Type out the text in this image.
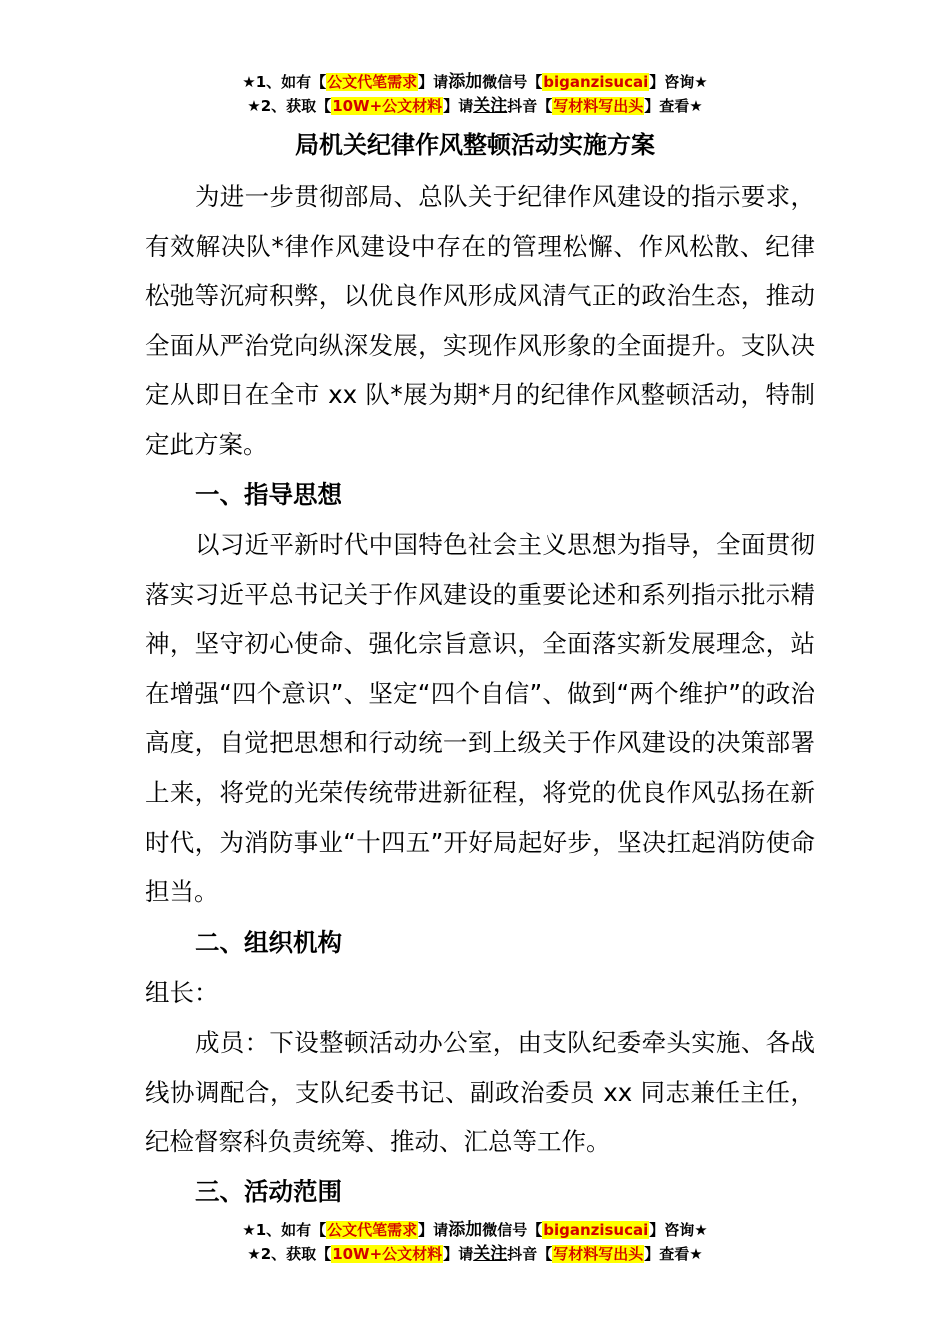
★1、如有【公文代笔需求】请添加微信号【biganzisucai】咨询★
★2、获取【10W+公文材料】请关注抖音【写材料写出头】查看★
局机关纪律作风整顿活动实施方案
为进一步贯彻部局、总队关于纪律作风建设的指示要求，有效解决队*律作风建设中存在的管理松懈、作风松散、纪律松弛等沉疴积弊，以优良作风形成风清气正的政治生态，推动全面从严治党向纵深发展，实现作风形象的全面提升。支队决定从即日在全市 xx 队*展为期*月的纪律作风整顿活动，特制定此方案。
一、指导思想
以习近平新时代中国特色社会主义思想为指导，全面贯彻落实习近平总书记关于作风建设的重要论述和系列指示批示精神，坚守初心使命、强化宗旨意识，全面落实新发展理念，站在增强“四个意识”、坚定“四个自信”、做到“两个维护”的政治高度，自觉把思想和行动统一到上级关于作风建设的决策部署上来，将党的光荣传统带进新征程，将党的优良作风弘扬在新时代，为消防事业“十四五”开好局起好步，坚决扛起消防使命担当。
二、组织机构
组长：
成员：下设整顿活动办公室，由支队纪委牵头实施、各战线协调配合，支队纪委书记、副政治委员 xx 同志兼任主任，纪检督察科负责统筹、推动、汇总等工作。
三、活动范围
★1、如有【公文代笔需求】请添加微信号【biganzisucai】咨询★
★2、获取【10W+公文材料】请关注抖音【写材料写出头】查看★
